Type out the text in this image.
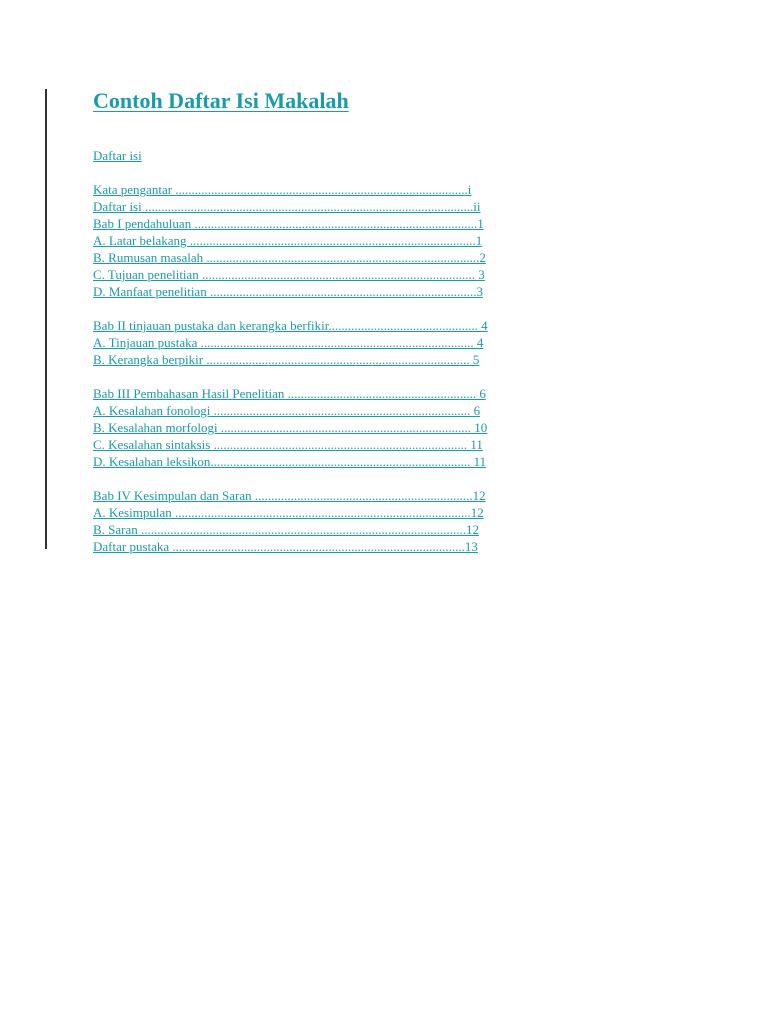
Contoh Daftar Isi Makalah
Daftar isi
Kata pengantar ..........................................................................................i
Daftar isi .....................................................................................................ii
Bab I pendahuluan .......................................................................................1
A. Latar belakang ........................................................................................1
B. Rumusan masalah ....................................................................................2
C. Tujuan penelitian .................................................................................... 3
D. Manfaat penelitian ..................................................................................3
Bab II tinjauan pustaka dan kerangka berfikir.............................................. 4
A. Tinjauan pustaka .................................................................................... 4
B. Kerangka berpikir ................................................................................. 5
Bab III Pembahasan Hasil Penelitian .......................................................... 6
A. Kesalahan fonologi ............................................................................... 6
B. Kesalahan morfologi ............................................................................. 10
C. Kesalahan sintaksis .............................................................................. 11
D. Kesalahan leksikon................................................................................ 11
Bab IV Kesimpulan dan Saran ...................................................................12
A. Kesimpulan ...........................................................................................12
B. Saran ....................................................................................................12
Daftar pustaka ..........................................................................................13
